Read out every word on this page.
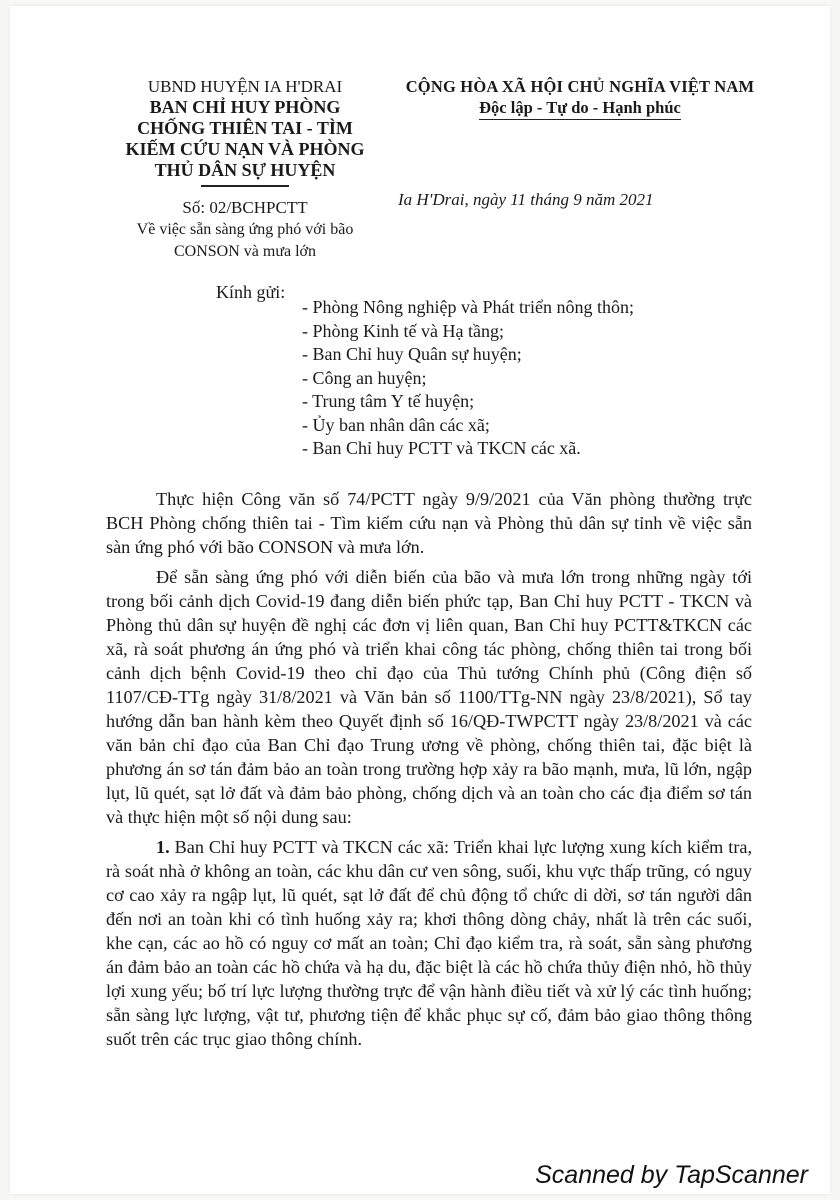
UBND HUYỆN IA H'DRAI
BAN CHỈ HUY PHÒNG
CHỐNG THIÊN TAI - TÌM
KIẾM CỨU NẠN VÀ PHÒNG
THỦ DÂN SỰ HUYỆN
Số: 02/BCHPCTT
Về việc sẵn sàng ứng phó với bão
CONSON và mưa lớn
CỘNG HÒA XÃ HỘI CHỦ NGHĨA VIỆT NAM
Độc lập - Tự do - Hạnh phúc
Ia H'Drai, ngày 11 tháng 9 năm 2021
Kính gửi:
- Phòng Nông nghiệp và Phát triển nông thôn;
- Phòng Kinh tế và Hạ tầng;
- Ban Chỉ huy Quân sự huyện;
- Công an huyện;
- Trung tâm Y tế huyện;
- Ủy ban nhân dân các xã;
- Ban Chỉ huy PCTT và TKCN các xã.

Thực hiện Công văn số 74/PCTT ngày 9/9/2021 của Văn phòng thường trực BCH Phòng chống thiên tai - Tìm kiếm cứu nạn và Phòng thủ dân sự tỉnh về việc sẵn sàn ứng phó với bão CONSON và mưa lớn.

Để sẵn sàng ứng phó với diễn biến của bão và mưa lớn trong những ngày tới trong bối cảnh dịch Covid-19 đang diễn biến phức tạp, Ban Chỉ huy PCTT - TKCN và Phòng thủ dân sự huyện đề nghị các đơn vị liên quan, Ban Chỉ huy PCTT&TKCN các xã, rà soát phương án ứng phó và triển khai công tác phòng, chống thiên tai trong bối cảnh dịch bệnh Covid-19 theo chỉ đạo của Thủ tướng Chính phủ (Công điện số 1107/CĐ-TTg ngày 31/8/2021 và Văn bản số 1100/TTg-NN ngày 23/8/2021), Sổ tay hướng dẫn ban hành kèm theo Quyết định số 16/QĐ-TWPCTT ngày 23/8/2021 và các văn bản chỉ đạo của Ban Chỉ đạo Trung ương về phòng, chống thiên tai, đặc biệt là phương án sơ tán đảm bảo an toàn trong trường hợp xảy ra bão mạnh, mưa, lũ lớn, ngập lụt, lũ quét, sạt lở đất và đảm bảo phòng, chống dịch và an toàn cho các địa điểm sơ tán và thực hiện một số nội dung sau:

1. Ban Chỉ huy PCTT và TKCN các xã: Triển khai lực lượng xung kích kiểm tra, rà soát nhà ở không an toàn, các khu dân cư ven sông, suối, khu vực thấp trũng, có nguy cơ cao xảy ra ngập lụt, lũ quét, sạt lở đất để chủ động tổ chức di dời, sơ tán người dân đến nơi an toàn khi có tình huống xảy ra; khơi thông dòng chảy, nhất là trên các suối, khe cạn, các ao hồ có nguy cơ mất an toàn; Chỉ đạo kiểm tra, rà soát, sẵn sàng phương án đảm bảo an toàn các hồ chứa và hạ du, đặc biệt là các hồ chứa thủy điện nhỏ, hồ thủy lợi xung yếu; bố trí lực lượng thường trực để vận hành điều tiết và xử lý các tình huống; sẵn sàng lực lượng, vật tư, phương tiện để khắc phục sự cố, đảm bảo giao thông thông suốt trên các trục giao thông chính.

Scanned by TapScanner
